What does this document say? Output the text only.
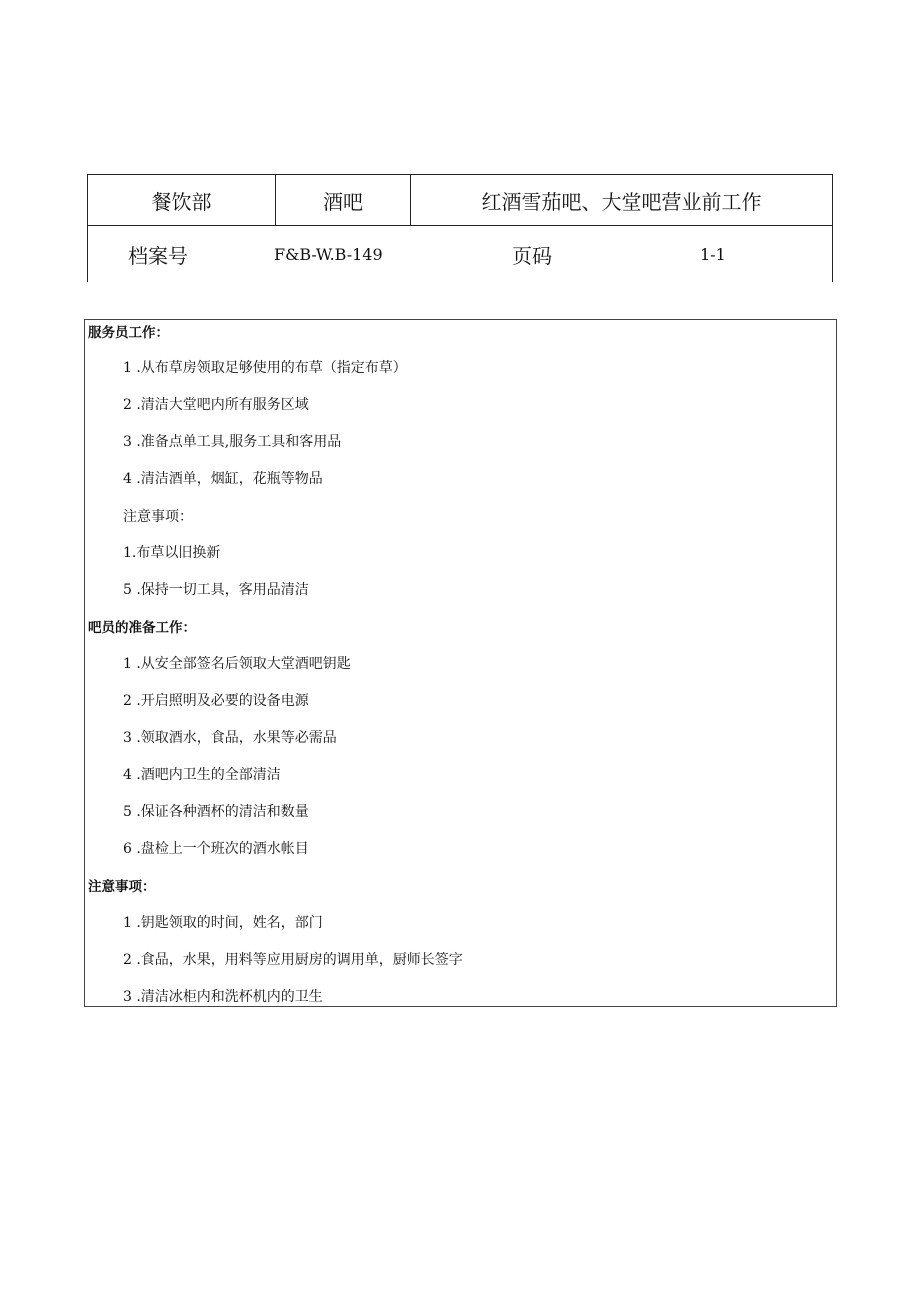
餐饮部	酒吧	红酒雪茄吧、大堂吧营业前工作
档案号	F&B-W.B-149	页码	1-1
服务员工作：
1 .从布草房领取足够使用的布草（指定布草）
2 .清洁大堂吧内所有服务区域
3 .准备点单工具,服务工具和客用品
4 .清洁酒单，烟缸，花瓶等物品
注意事项：
1.布草以旧换新
5 .保持一切工具，客用品清洁
吧员的准备工作：
1 .从安全部签名后领取大堂酒吧钥匙
2 .开启照明及必要的设备电源
3 .领取酒水，食品，水果等必需品
4 .酒吧内卫生的全部清洁
5 .保证各种酒杯的清洁和数量
6 .盘检上一个班次的酒水帐目
注意事项：
1 .钥匙领取的时间，姓名，部门
2 .食品，水果，用料等应用厨房的调用单，厨师长签字
3 .清洁冰柜内和洗杯机内的卫生
